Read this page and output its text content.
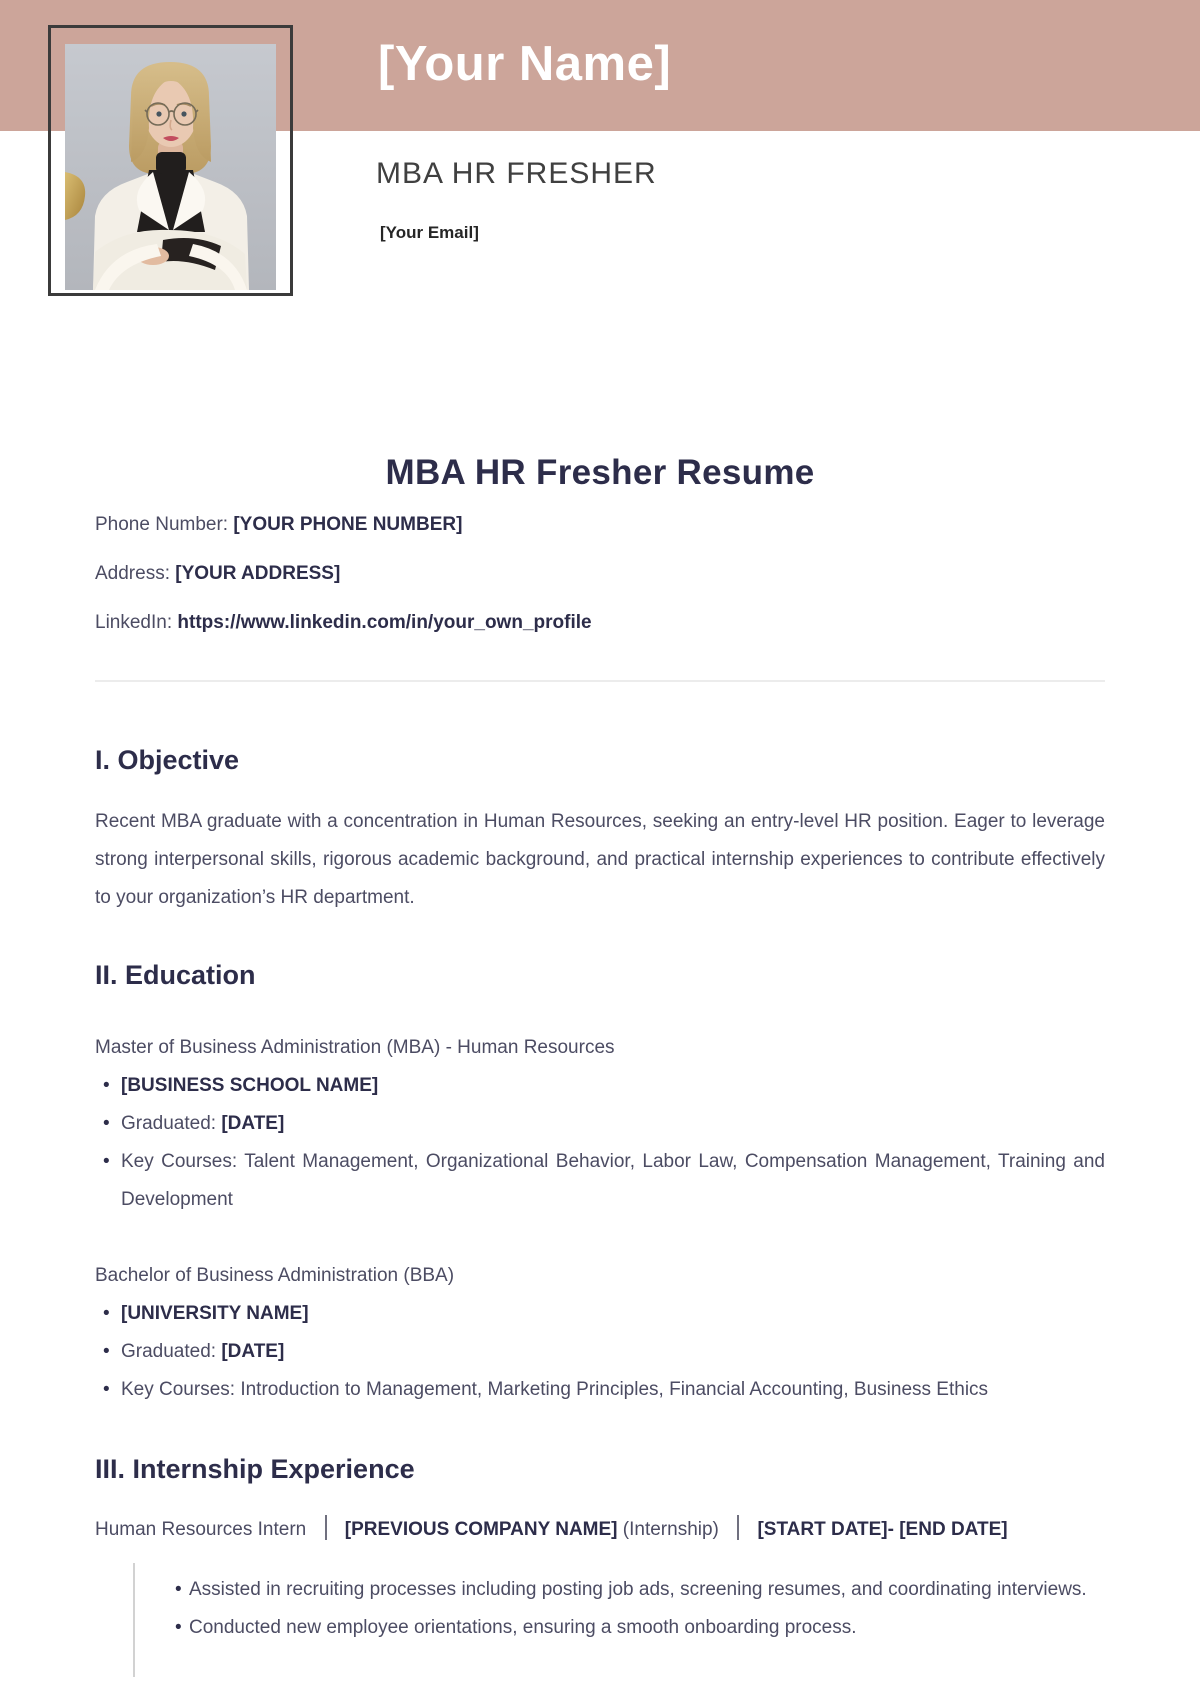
[Your Name]
MBA HR FRESHER
[Your Email]
MBA HR Fresher Resume

Phone Number: [YOUR PHONE NUMBER]

Address: [YOUR ADDRESS]

LinkedIn: https://www.linkedin.com/in/your_own_profile

I. Objective

Recent MBA graduate with a concentration in Human Resources, seeking an entry-level HR position. Eager to leverage strong interpersonal skills, rigorous academic background, and practical internship experiences to contribute effectively to your organization’s HR department.

II. Education

Master of Business Administration (MBA) - Human Resources

• [BUSINESS SCHOOL NAME]
• Graduated: [DATE]
• Key Courses: Talent Management, Organizational Behavior, Labor Law, Compensation Management, Training and Development

Bachelor of Business Administration (BBA)

• [UNIVERSITY NAME]
• Graduated: [DATE]
• Key Courses: Introduction to Management, Marketing Principles, Financial Accounting, Business Ethics
III. Internship Experience

Human Resources Intern [PREVIOUS COMPANY NAME] (Internship) [START DATE]- [END DATE]

• Assisted in recruiting processes including posting job ads, screening resumes, and coordinating interviews.
• Conducted new employee orientations, ensuring a smooth onboarding process.
